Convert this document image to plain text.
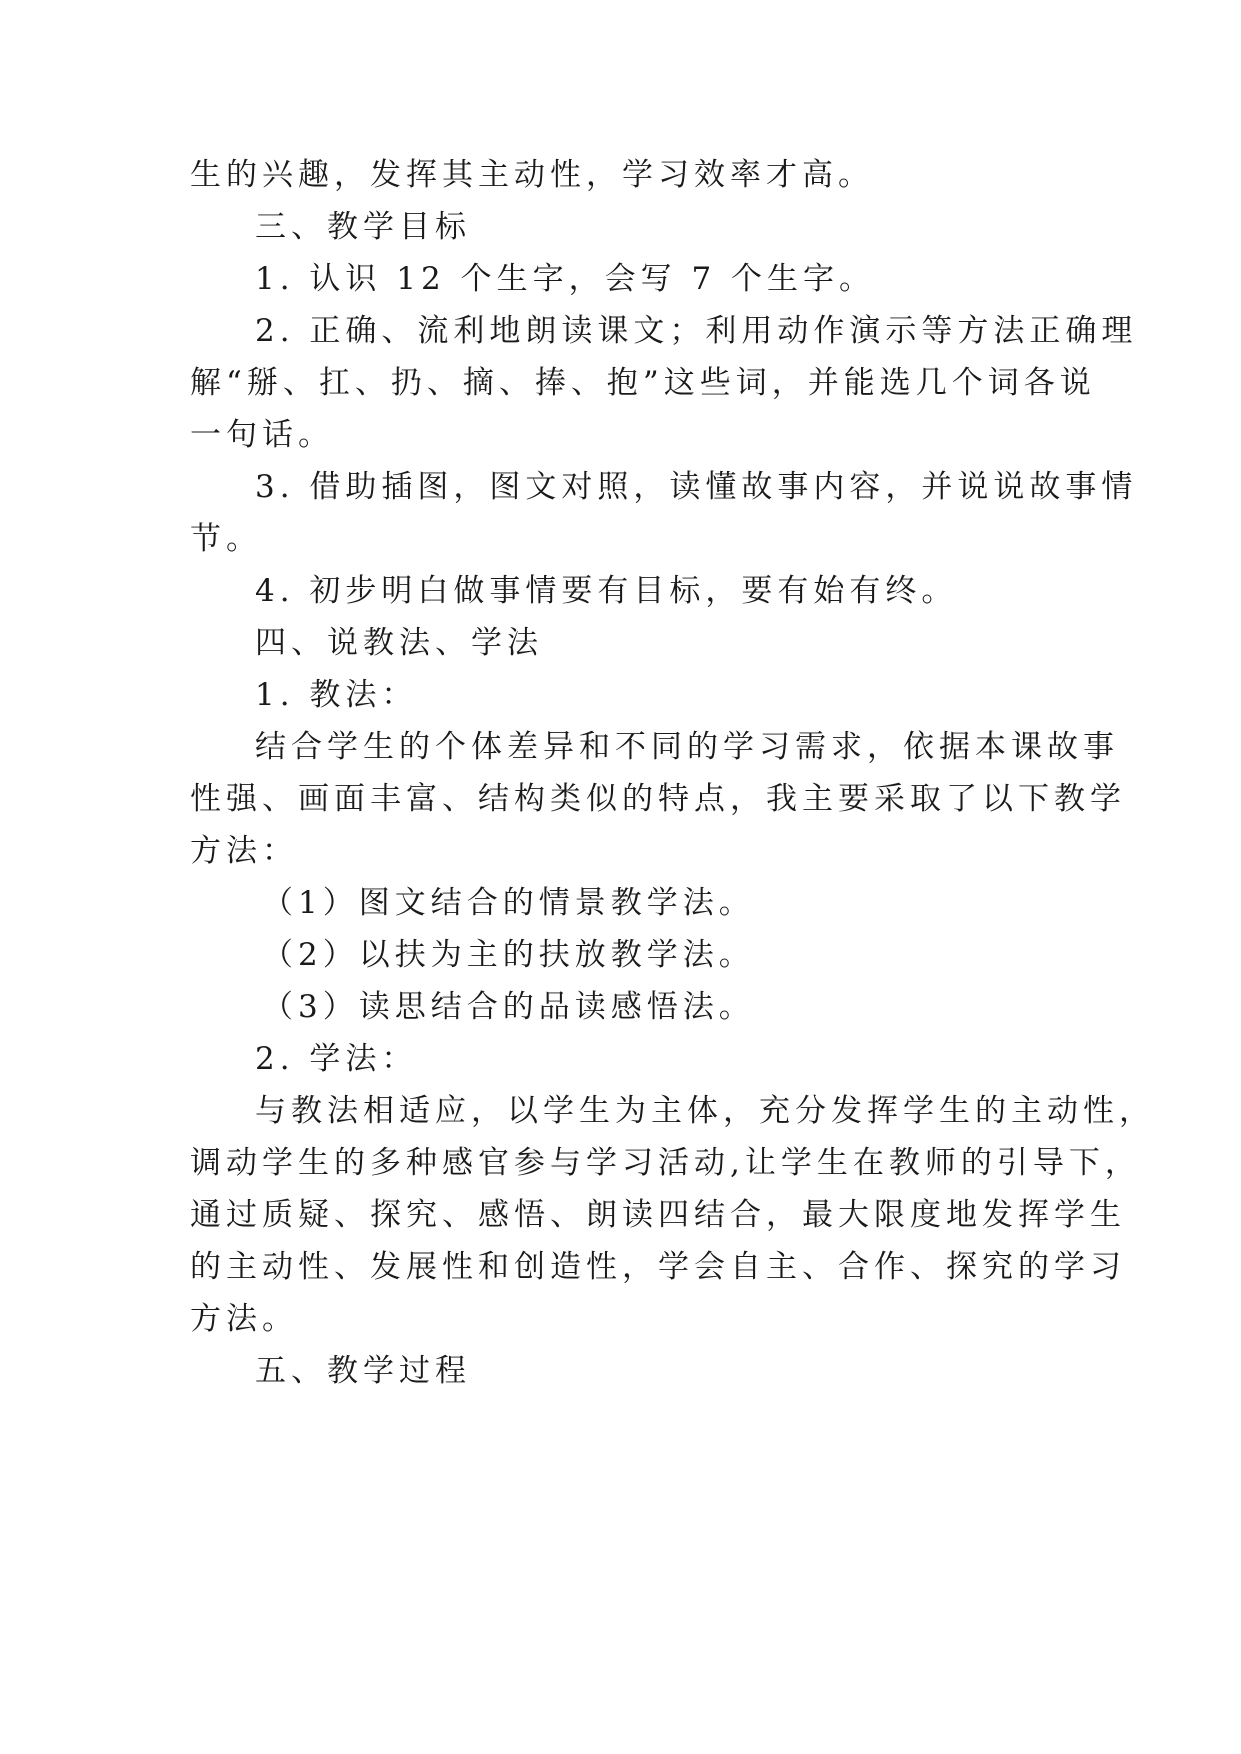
生的兴趣，发挥其主动性，学习效率才高。
三、教学目标
1. 认识 12 个生字，会写 7 个生字。
2. 正确、流利地朗读课文；利用动作演示等方法正确理
解“掰、扛、扔、摘、捧、抱”这些词，并能选几个词各说
一句话。
3. 借助插图，图文对照，读懂故事内容，并说说故事情
节。
4. 初步明白做事情要有目标，要有始有终。
四、说教法、学法
1. 教法：
结合学生的个体差异和不同的学习需求，依据本课故事
性强、画面丰富、结构类似的特点，我主要采取了以下教学
方法：
（1）图文结合的情景教学法。
（2）以扶为主的扶放教学法。
（3）读思结合的品读感悟法。
2. 学法：
与教法相适应，以学生为主体，充分发挥学生的主动性，
调动学生的多种感官参与学习活动,让学生在教师的引导下，
通过质疑、探究、感悟、朗读四结合，最大限度地发挥学生
的主动性、发展性和创造性，学会自主、合作、探究的学习
方法。
五、教学过程
